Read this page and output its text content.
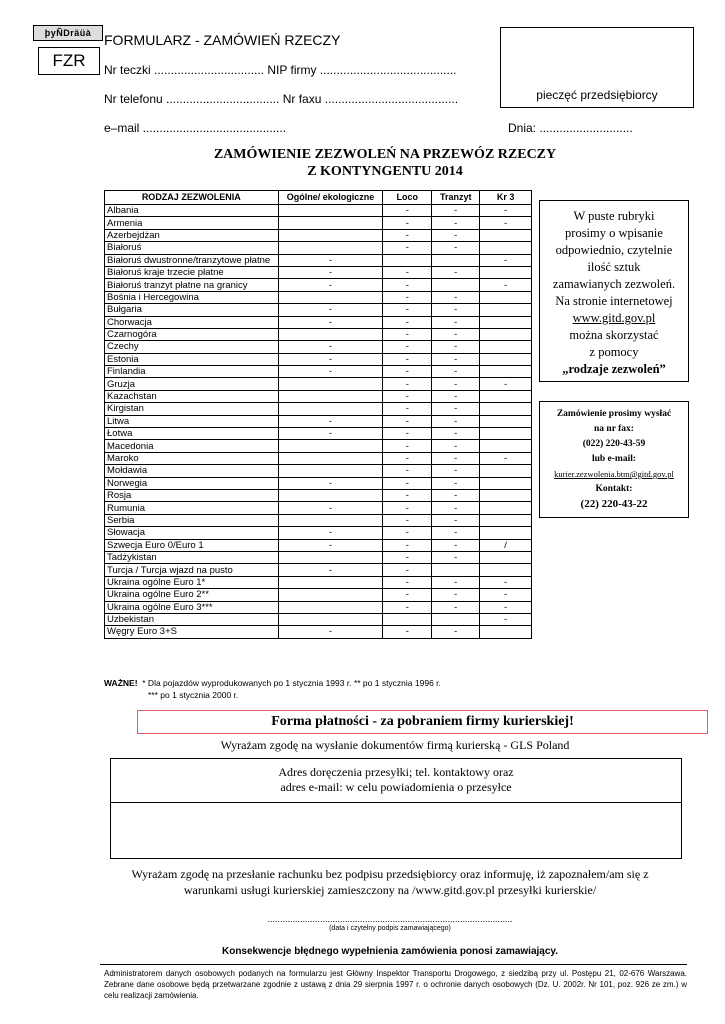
þyÑDräüà
FZR
FORMULARZ - ZAMÓWIEŃ RZECZY
Nr teczki ................................. NIP firmy .........................................
Nr telefonu .................................. Nr faxu ........................................
e–mail ...........................................	Dnia: ............................
pieczęć przedsiębiorcy
ZAMÓWIENIE ZEZWOLEŃ NA PRZEWÓZ RZECZY
Z KONTYNGENTU 2014
RODZAJ ZEZWOLENIA	Ogólne/ ekologiczne	Loco	Tranzyt	Kr 3
Albania		-	-	-
Armenia		-	-	-
Azerbejdżan		-	-	
Białoruś		-	-	
Białoruś dwustronne/tranzytowe płatne	-			-
Białoruś kraje trzecie płatne	-	-	-	
Białoruś tranzyt płatne na granicy	-	-		-
Bośnia i Hercegowina		-	-	
Bułgaria	-	-	-	
Chorwacja	-	-	-	
Czarnogóra		-	-	
Czechy	-	-	-	
Estonia	-	-	-	
Finlandia	-	-	-	
Gruzja		-	-	-
Kazachstan		-	-	
Kirgistan		-	-	
Litwa	-	-	-	
Łotwa	-	-	-	
Macedonia		-	-	
Maroko		-	-	-
Mołdawia		-	-	
Norwegia	-	-	-	
Rosja		-	-	
Rumunia	-	-	-	
Serbia		-	-	
Słowacja	-	-	-	
Szwecja Euro 0/Euro 1	-	-	-	/
Tadżykistan		-	-	
Turcja / Turcja wjazd na pusto	-	-		
Ukraina ogólne Euro 1*		-	-	-
Ukraina ogólne Euro 2**		-	-	-
Ukraina ogólne Euro 3***		-	-	-
Uzbekistan				-
Węgry Euro 3+S	-	-	-	
W puste rubryki
prosimy o wpisanie
odpowiednio, czytelnie
ilość sztuk
zamawianych zezwoleń.
Na stronie internetowej
www.gitd.gov.pl
można skorzystać
z pomocy
„rodzaje zezwoleń”
Zamówienie prosimy wysłać
na nr fax:
(022) 220-43-59
lub e-mail:
kurier.zezwolenia.btm@gitd.gov.pl
Kontakt:
(22) 220-43-22
WAŻNE! * Dla pojazdów wyprodukowanych po 1 stycznia 1993 r. ** po 1 stycznia 1996 r.
*** po 1 stycznia 2000 r.
Forma płatności - za pobraniem firmy kurierskiej!
Wyrażam zgodę na wysłanie dokumentów firmą kurierską - GLS Poland
Adres doręczenia przesyłki; tel. kontaktowy oraz
adres e-mail: w celu powiadomienia o przesyłce
Wyrażam zgodę na przesłanie rachunku bez podpisu przedsiębiorcy oraz informuję, iż zapoznałem/am się z
warunkami usługi kurierskiej zamieszczony na /www.gitd.gov.pl przesyłki kurierskie/
..................................................................................................
(data i czytelny podpis zamawiającego)
Konsekwencje błędnego wypełnienia zamówienia ponosi zamawiający.
Administratorem danych osobowych podanych na formularzu jest Główny Inspektor Transportu Drogowego, z siedzibą przy ul. Postępu 21, 02-676 Warszawa. Zebrane dane osobowe będą przetwarzane zgodnie z ustawą z dnia 29 sierpnia 1997 r. o ochronie danych osobowych (Dz. U. 2002r. Nr 101, poz. 926 ze zm.) w celu realizacji zamówienia.
